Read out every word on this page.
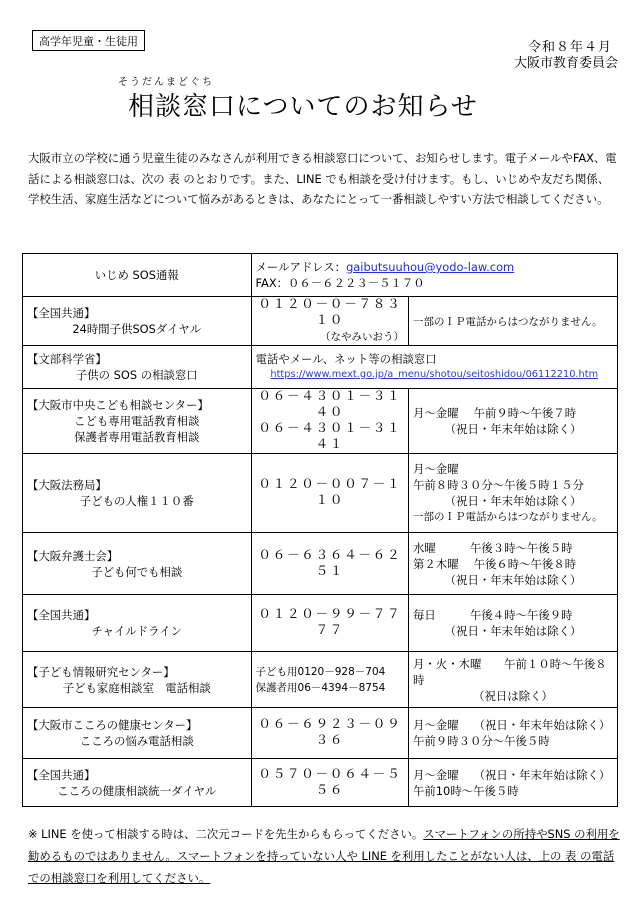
高学年児童・生徒用	令和８年４月
大阪市教育委員会
そうだんまどぐち
相談窓口についてのお知らせ
大阪市立の学校に通う児童生徒のみなさんが利用できる相談窓口について、お知らせします。電子メールやFAX、電話による相談窓口は、次の 表 のとおりです。また、LINE でも相談を受け付けます。もし、いじめや友だち関係、学校生活、家庭生活などについて悩みがあるときは、あなたにとって一番相談しやすい方法で相談してください。
いじめ SOS通報	メールアドレス：gaibutsuuhou@yodo-law.com
FAX：０６－６２２３－５１７０	

【全国共通】
24時間子供SOSダイヤル	０１２０－０－７８３１０
（なやみいおう）	一部のＩＰ電話からはつながりません。

【文部科学省】
子供の SOS の相談窓口	電話やメール、ネット等の相談窓口
https://www.mext.go.jp/a_menu/shotou/seitoshidou/06112210.htm	

【大阪市中央こども相談センター】
こども専用電話教育相談
保護者専用電話教育相談	０６－４３０１－３１４０
０６－４３０１－３１４１	月～金曜　 午前９時～午後７時
（祝日・年末年始は除く）

【大阪法務局】
子どもの人権１１０番	０１２０－００７－１１０	月～金曜
午前８時３０分～午後５時１５分
（祝日・年末年始は除く）
一部のＩＰ電話からはつながりません。

【大阪弁護士会】
子ども何でも相談	０６－６３６４－６２５１	水曜　　　午後３時～午後５時
第２木曜　 午後６時～午後８時
（祝日・年末年始は除く）

【全国共通】
チャイルドライン	０１２０－９９－７７７７	毎日　　　午後４時～午後９時
（祝日・年末年始は除く）

【子ども情報研究センター】
子ども家庭相談室　電話相談	子ども用0120－928－704
保護者用06－4394－8754	月・火・木曜　　午前１０時～午後８時
（祝日は除く）

【大阪市こころの健康センター】
こころの悩み電話相談	０６－６９２３－０９３６	月～金曜　 （祝日・年末年始は除く）
午前９時３０分～午後５時

【全国共通】
こころの健康相談統一ダイヤル	０５７０－０６４－５５６	月～金曜　 （祝日・年末年始は除く）
午前10時～午後５時
※ LINE を使って相談する時は、二次元コードを先生からもらってください。スマートフォンの所持やSNS の利用を勧めるものではありません。スマートフォンを持っていない人や LINE を利用したことがない人は、上の 表 の電話での相談窓口を利用してください。
